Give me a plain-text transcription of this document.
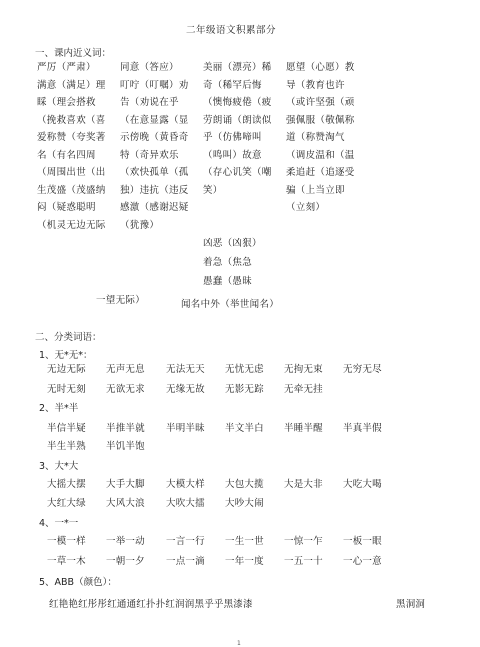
二年级语文积累部分
一、课内近义词：
严厉（严肃）
满意（满足）理
睬（理会搭救
（挽救喜欢（喜
爱称赞（夸奖著
名（有名四周
（周围出世（出
生茂盛（茂盛纳
闷（疑惑聪明
（机灵无边无际
同意（答应）
叮咛（叮嘱）劝
告（劝说在乎
（在意显露（显
示傍晚（黄昏奇
特（奇异欢乐
（欢快孤单（孤
独）违抗（违反
感激（感谢迟疑
（犹豫）
美丽（漂亮）稀
奇（稀罕后悔
（懊悔疲倦（疲
劳朗诵（朗读似
乎（仿佛啼叫
（鸣叫）故意
（存心讥笑（嘲
笑）
愿望（心愿）教
导（教育也许
（或许坚强（顽
强佩服（敬佩称
道（称赞淘气
（调皮温和（温
柔追赶（追逐受
骗（上当立即
（立刻）
凶恶（凶狠）
着急（焦急
愚蠢（愚昧
一望无际）	闻名中外（举世闻名）
二、分类词语：
1、无*无*：
无边无际 无声无息 无法无天 无忧无虑 无拘无束 无穷无尽
无时无刻 无欲无求 无缘无故 无影无踪 无牵无挂
2、半*半
半信半疑 半推半就 半明半昧 半文半白 半睡半醒 半真半假
半生半熟 半饥半饱
3、大*大
大摇大摆 大手大脚 大模大样 大包大揽 大是大非 大吃大喝
大红大绿 大风大浪 大吹大擂 大吵大闹
4、一*一
一模一样 一举一动 一言一行 一生一世 一惊一乍 一板一眼
一草一木 一朝一夕 一点一滴 一年一度 一五一十 一心一意
5、ABB（颜色）：
红艳艳红彤彤红通通红扑扑红润润黑乎乎黑漆漆	黑洞洞
1
